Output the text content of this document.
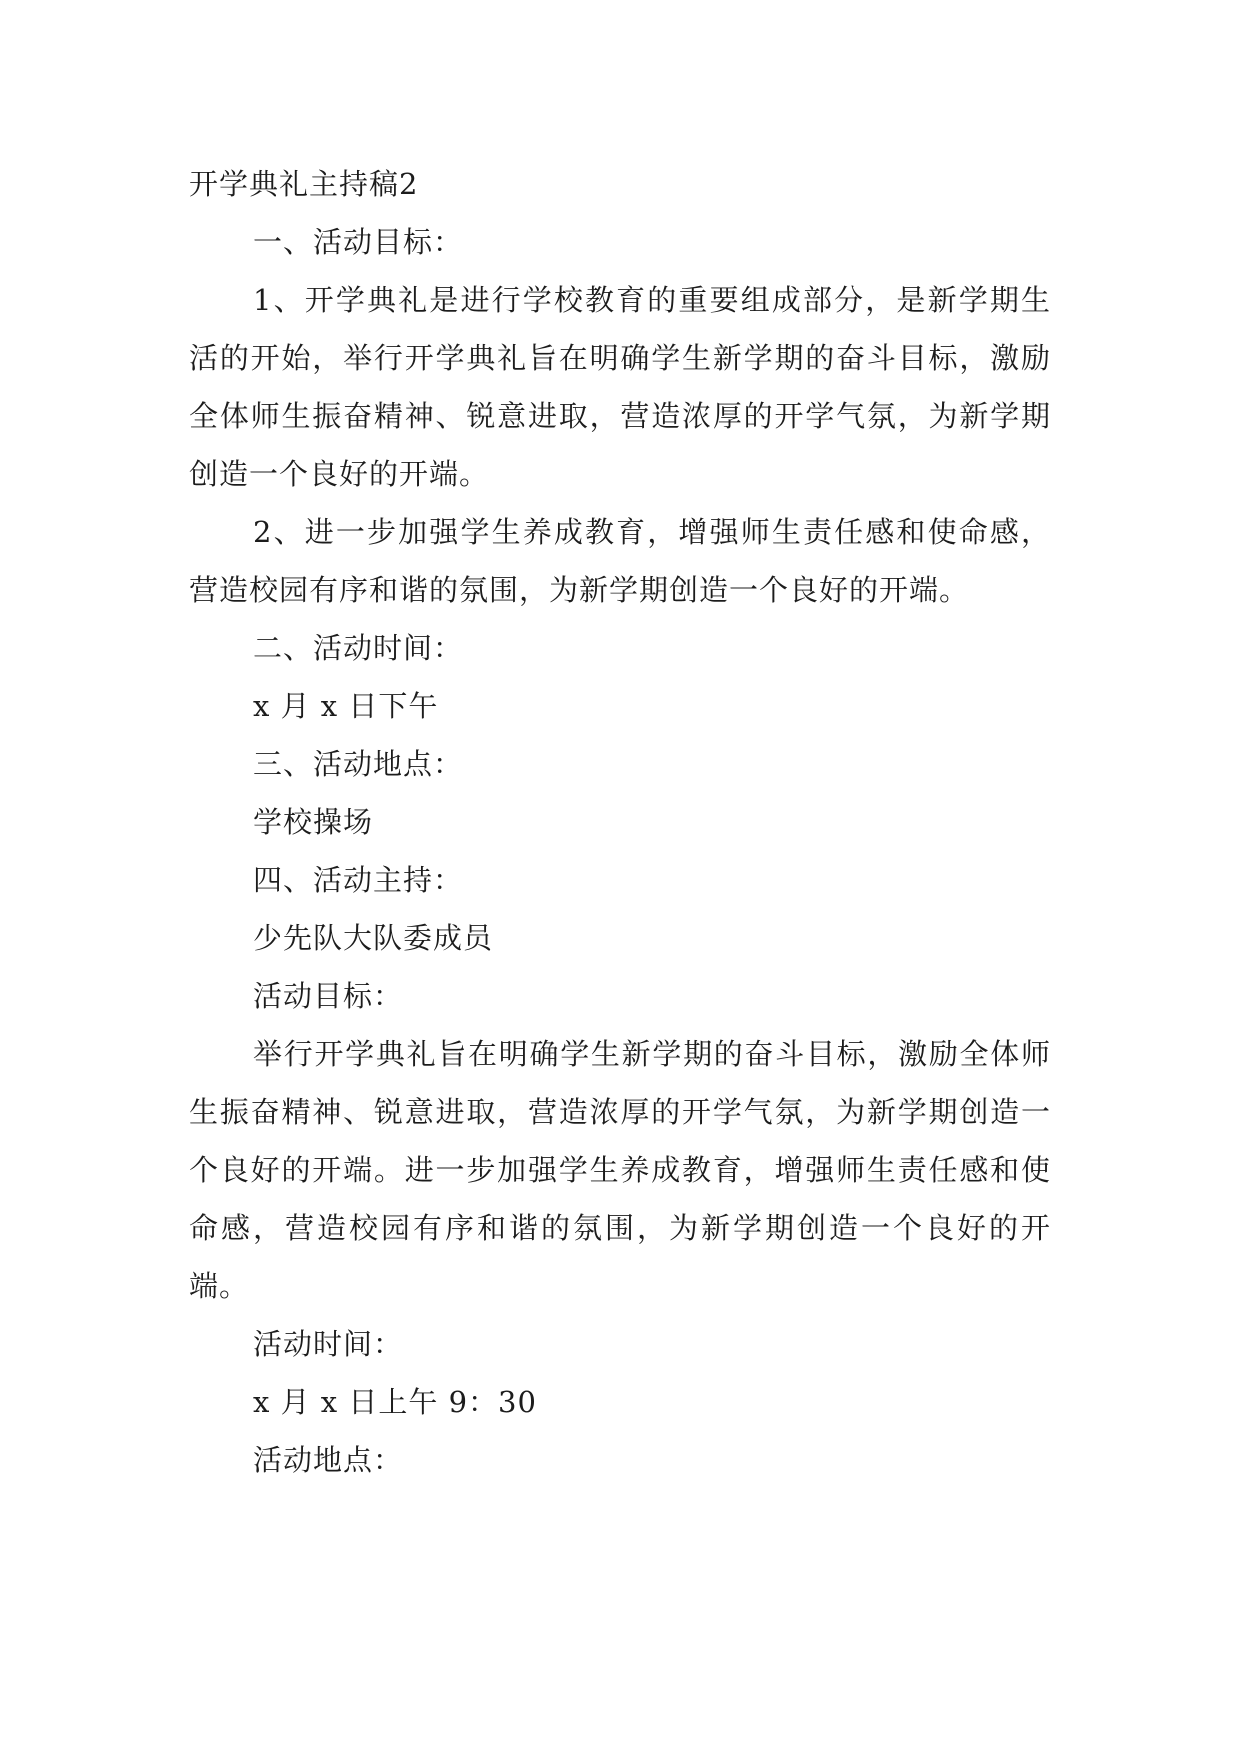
开学典礼主持稿2
一、活动目标：
1、开学典礼是进行学校教育的重要组成部分，是新学期生活的开始，举行开学典礼旨在明确学生新学期的奋斗目标，激励全体师生振奋精神、锐意进取，营造浓厚的开学气氛，为新学期创造一个良好的开端。
2、进一步加强学生养成教育，增强师生责任感和使命感，营造校园有序和谐的氛围，为新学期创造一个良好的开端。
二、活动时间：
x 月 x 日下午
三、活动地点：
学校操场
四、活动主持：
少先队大队委成员
活动目标：
举行开学典礼旨在明确学生新学期的奋斗目标，激励全体师生振奋精神、锐意进取，营造浓厚的开学气氛，为新学期创造一个良好的开端。进一步加强学生养成教育，增强师生责任感和使命感，营造校园有序和谐的氛围，为新学期创造一个良好的开端。
活动时间：
x 月 x 日上午 9：30
活动地点：
